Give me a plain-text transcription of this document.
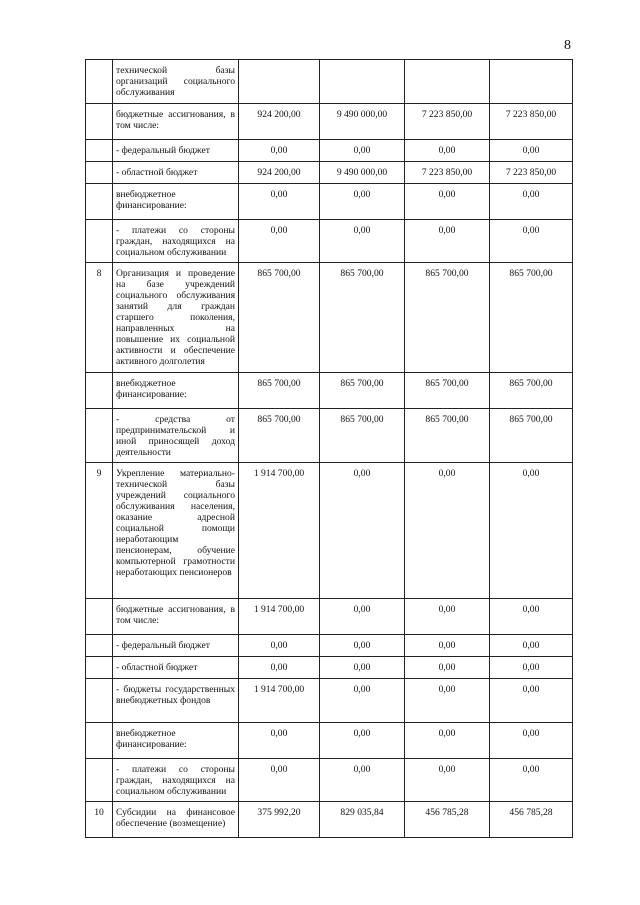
8
	технической базы организаций социального обслуживания				
	бюджетные ассигнования, в том числе:	924 200,00	9 490 000,00	7 223 850,00	7 223 850,00
	- федеральный бюджет	0,00	0,00	0,00	0,00
	- областной бюджет	924 200,00	9 490 000,00	7 223 850,00	7 223 850,00
	внебюджетное финансирование:	0,00	0,00	0,00	0,00
	- платежи со стороны граждан, находящихся на социальном обслуживании	0,00	0,00	0,00	0,00
8	Организация и проведение на базе учреждений социального обслуживания занятий для граждан старшего поколения, направленных на повышение их социальной активности и обеспечение активного долголетия	865 700,00	865 700,00	865 700,00	865 700,00
	внебюджетное финансирование:	865 700,00	865 700,00	865 700,00	865 700,00
	- средства от предпринимательской и иной приносящей доход деятельности	865 700,00	865 700,00	865 700,00	865 700,00
9	Укрепление материально-технической базы учреждений социального обслуживания населения, оказание адресной социальной помощи неработающим пенсионерам, обучение компьютерной грамотности неработающих пенсионеров	1 914 700,00	0,00	0,00	0,00
	бюджетные ассигнования, в том числе:	1 914 700,00	0,00	0,00	0,00
	- федеральный бюджет	0,00	0,00	0,00	0,00
	- областной бюджет	0,00	0,00	0,00	0,00
	- бюджеты государственных внебюджетных фондов	1 914 700,00	0,00	0,00	0,00
	внебюджетное финансирование:	0,00	0,00	0,00	0,00
	- платежи со стороны граждан, находящихся на социальном обслуживании	0,00	0,00	0,00	0,00
10	Субсидии на финансовое обеспечение (возмещение)	375 992,20	829 035,84	456 785,28	456 785,28
